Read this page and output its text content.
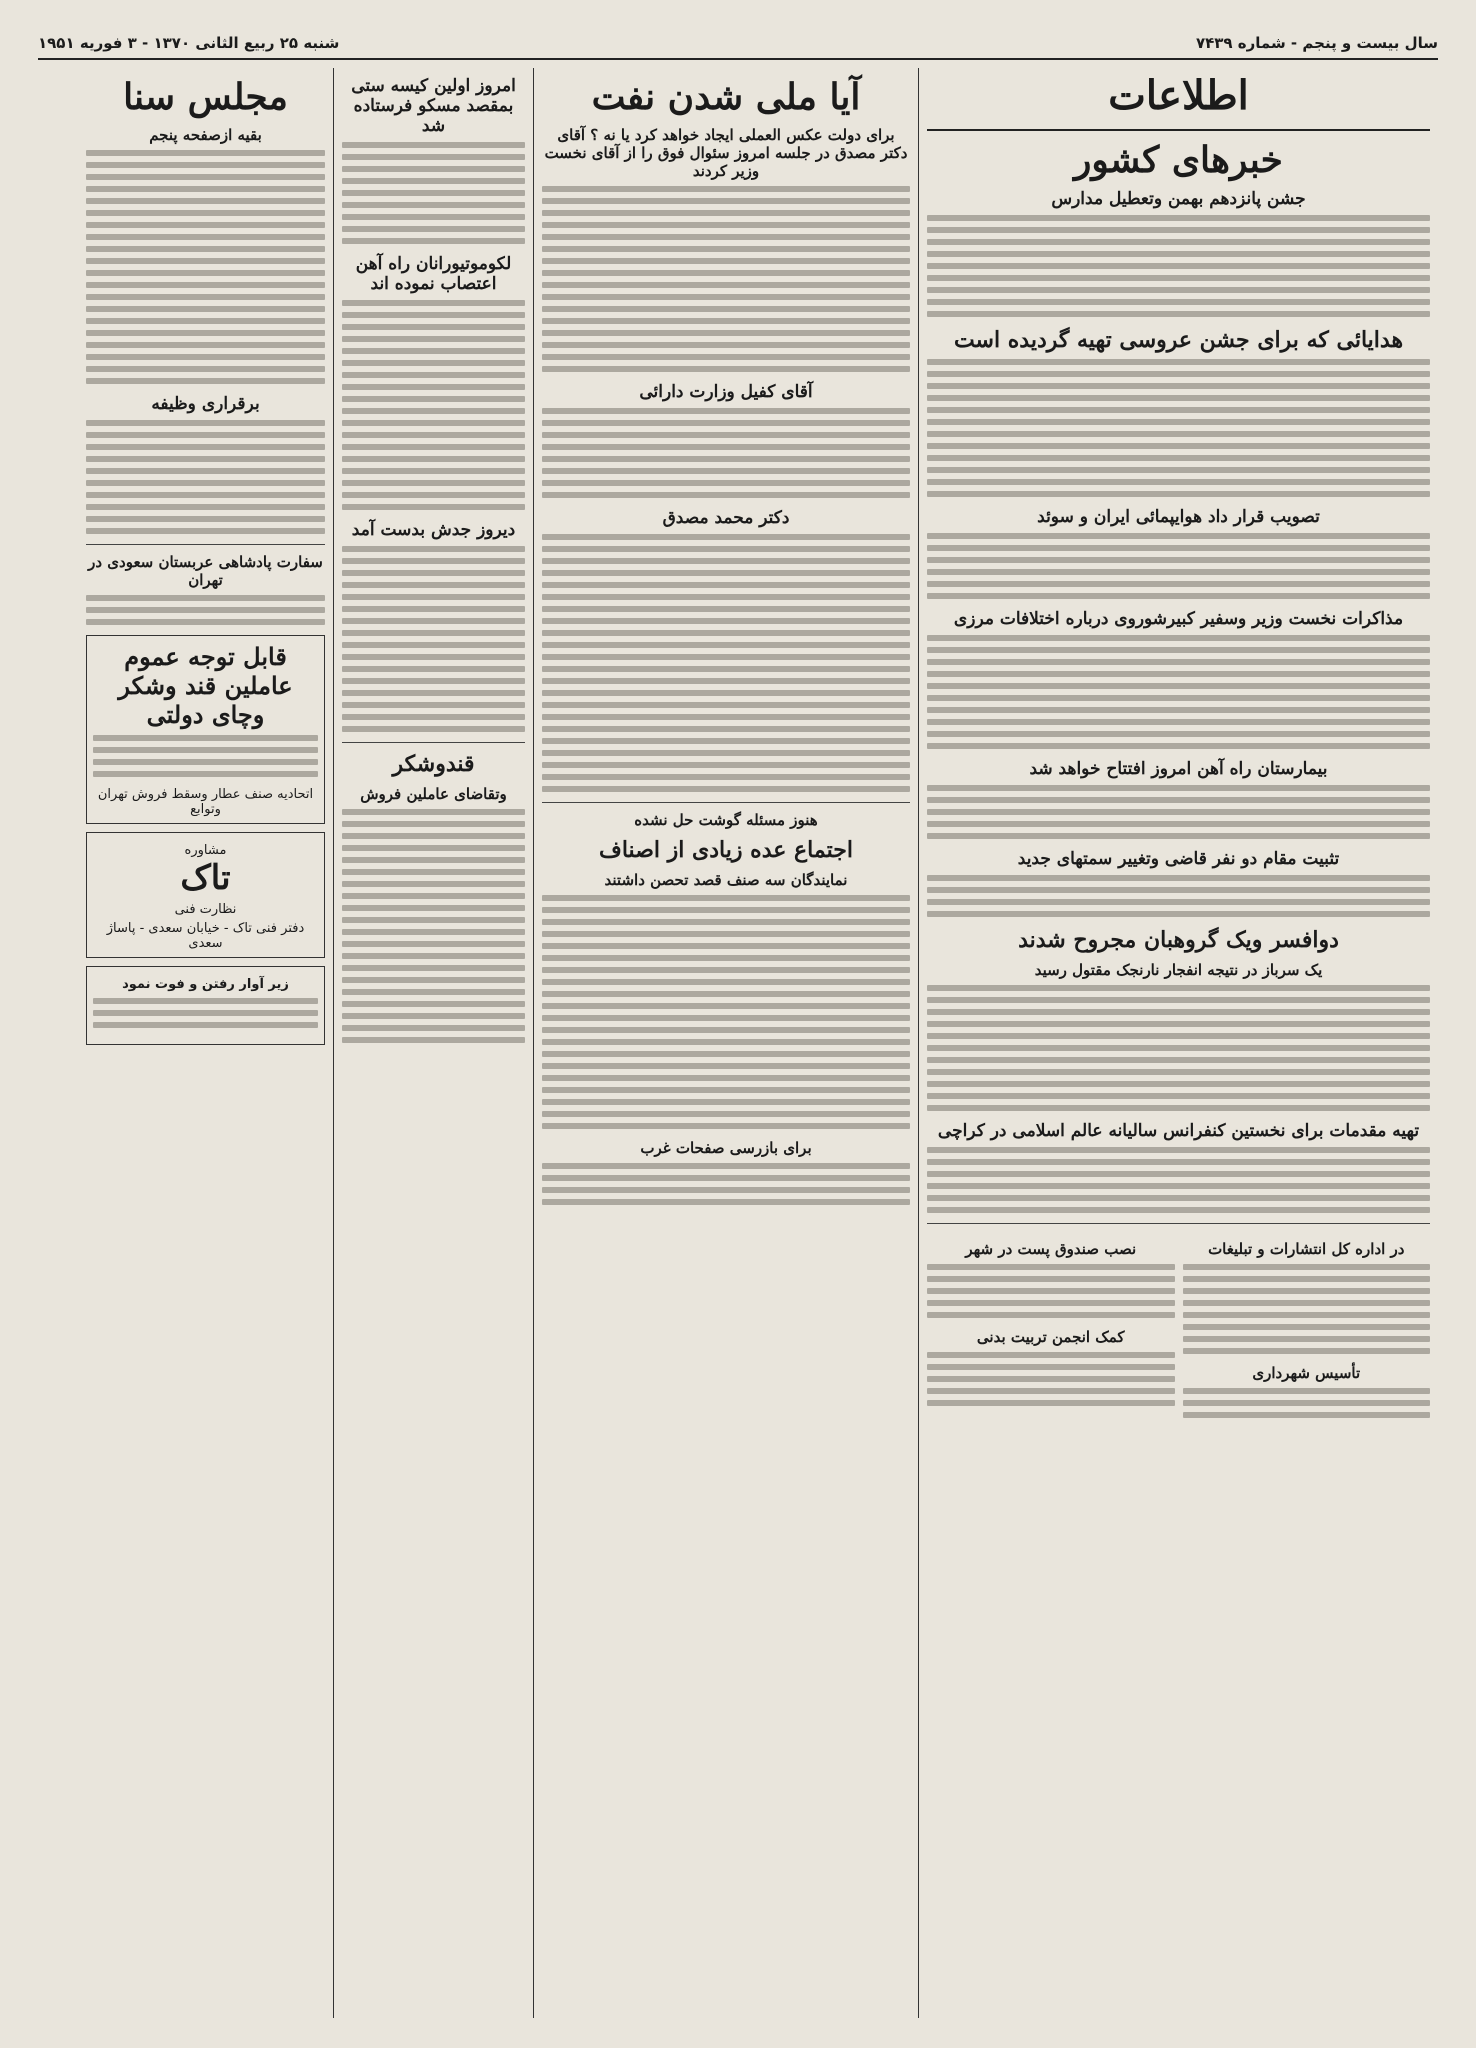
سال بیست و پنجم - شماره ۷۴۳۹
شنبه ۲۵ ربیع الثانی ۱۳۷۰ - ۳ فوریه ۱۹۵۱
اطلاعات
خبرهای کشور
جشن پانزدهم بهمن وتعطیل مدارس
هدایائی که برای جشن عروسی تهیه گردیده است
تصویب قرار داد هوایپمائی ایران و سوئد
مذاکرات نخست وزیر وسفیر کبیرشوروی درباره اختلافات مرزی
بیمارستان راه آهن امروز افتتاح خواهد شد
تثبیت مقام دو نفر قاضی وتغییر سمتهای جدید
دوافسر ویک گروهبان مجروح شدند
یک سرباز در نتیجه انفجار نارنجک مقتول رسید
تهیه مقدمات برای نخستین کنفرانس سالیانه عالم اسلامی در کراچی
در اداره کل انتشارات و تبلیغات
تأسیس شهرداری
نصب صندوق پست در شهر
کمک انجمن تربیت بدنی
آیا ملی شدن نفت
برای دولت عکس العملی ایجاد خواهد کرد یا نه ؟ آقای دکتر مصدق در جلسه امروز سئوال فوق را از آقای نخست وزیر کردند
آقای کفیل وزارت دارائی
دکتر محمد مصدق
هنوز مسئله گوشت حل نشده
اجتماع عده زیادی از اصناف
نمایندگان سه صنف قصد تحصن داشتند
برای بازرسی صفحات غرب
امروز اولین کیسه ستی بمقصد مسکو فرستاده شد
لکوموتیورانان راه آهن اعتصاب نموده اند
دیروز جدش بدست آمد
قندوشکر
وتقاضای عاملین فروش
مجلس سنا
بقیه ازصفحه پنجم
برقراری وظیفه
سفارت پادشاهی عربستان سعودی در تهران
قابل توجه عموم عاملین قند وشکر وچای دولتی
اتحادیه صنف عطار وسقط فروش تهران وتوابع
مشاوره
تاک
نظارت فنی
دفتر فنی تاک - خیابان سعدی - پاساژ سعدی
زیر آوار رفتن و فوت نمود
